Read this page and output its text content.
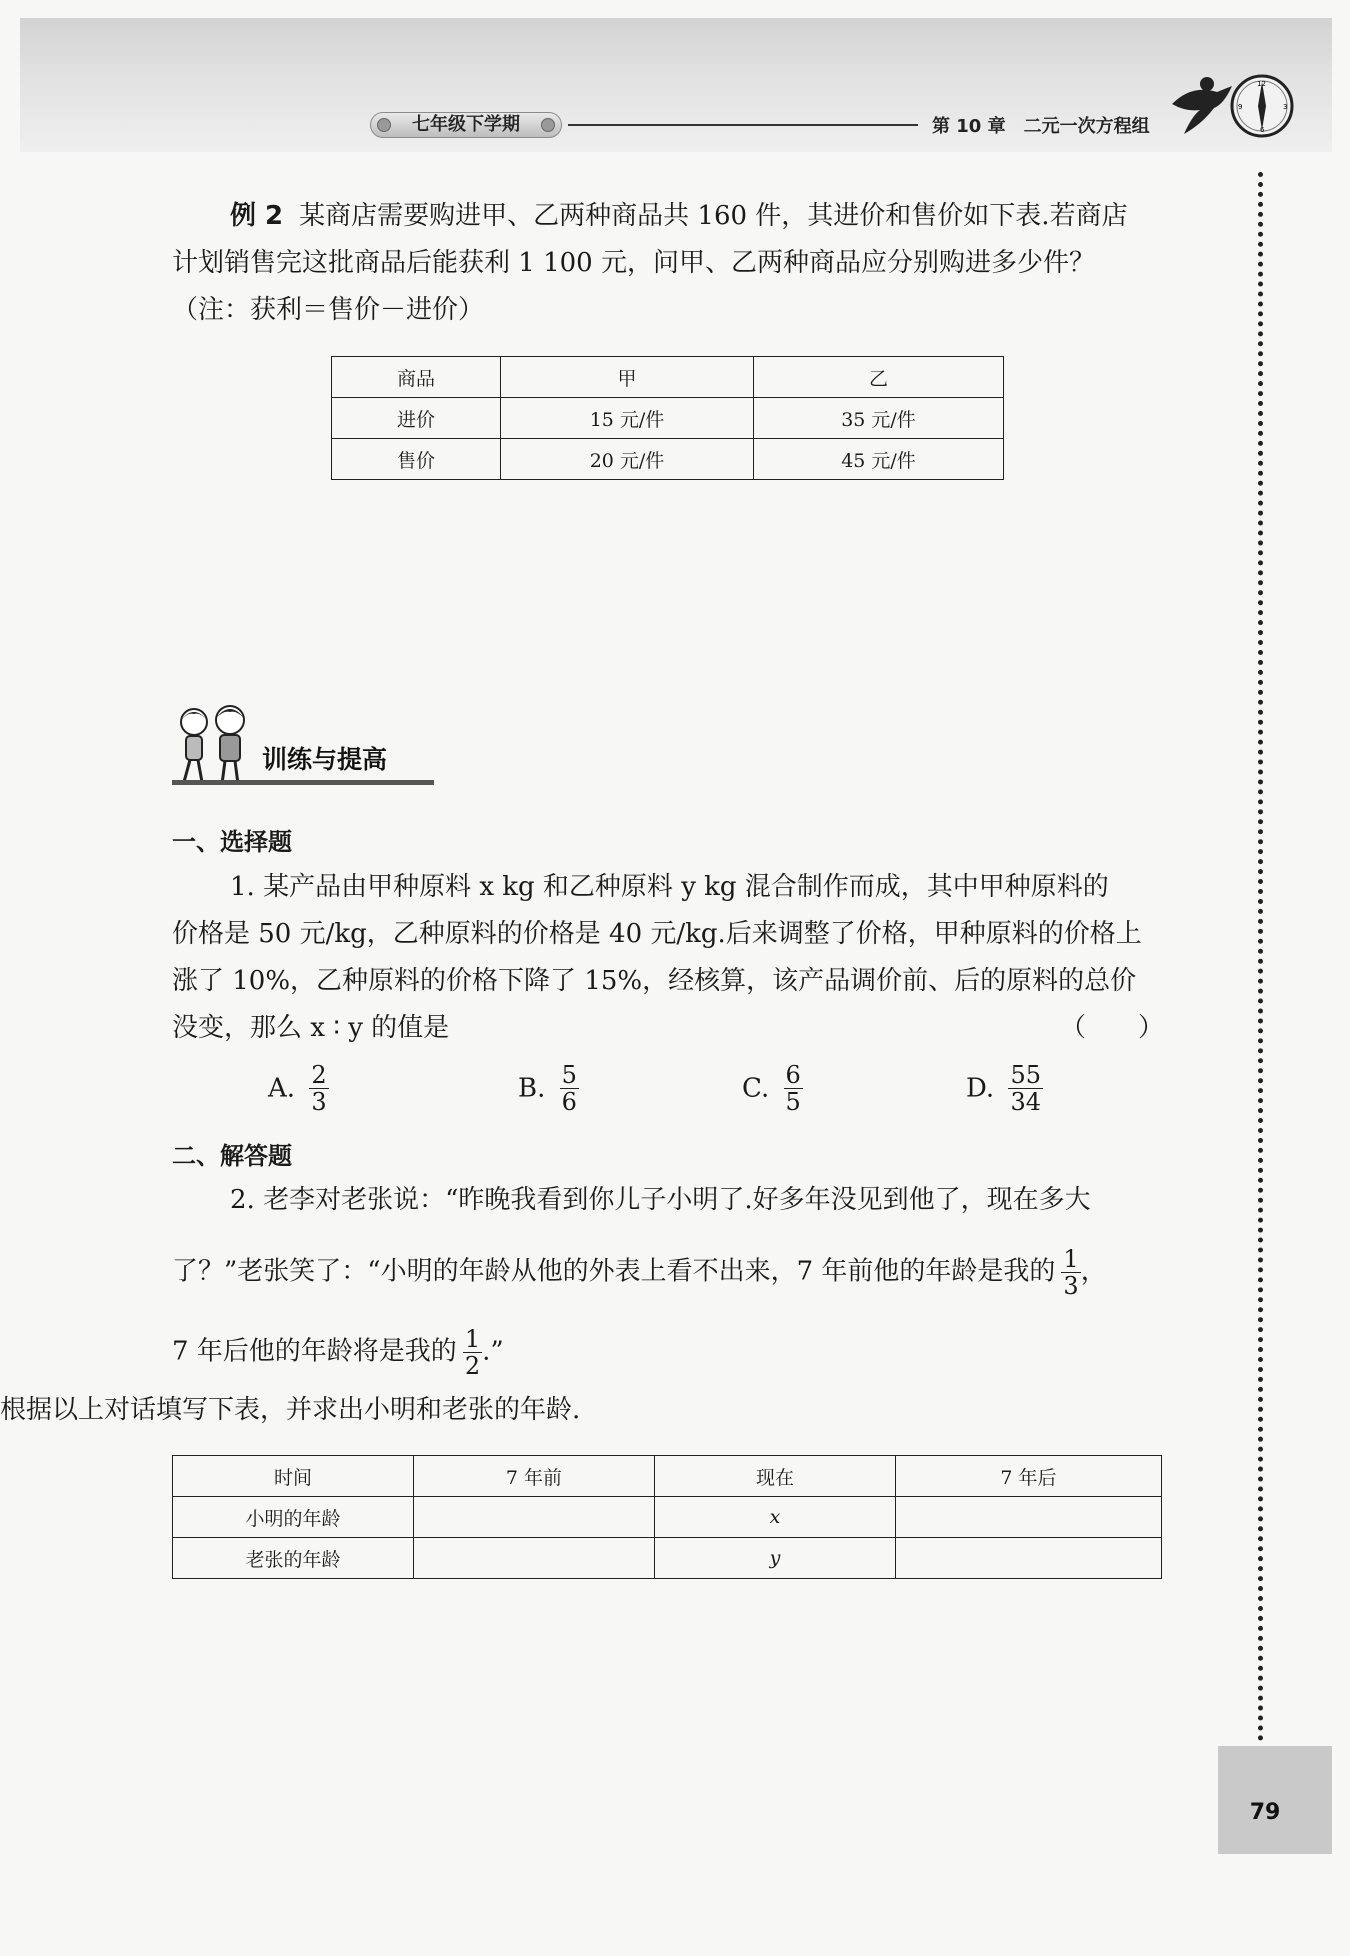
七年级下学期	第 10 章　二元一次方程组
12
3
6
9
例 2 某商店需要购进甲、乙两种商品共 160 件，其进价和售价如下表.若商店
计划销售完这批商品后能获利 1 100 元，问甲、乙两种商品应分别购进多少件？
（注：获利＝售价－进价）
商品	甲	乙
进价	15 元/件	35 元/件
售价	20 元/件	45 元/件
训练与提高
一、选择题
1. 某产品由甲种原料 x kg 和乙种原料 y kg 混合制作而成，其中甲种原料的
价格是 50 元/kg，乙种原料的价格是 40 元/kg.后来调整了价格，甲种原料的价格上
涨了 10%，乙种原料的价格下降了 15%，经核算，该产品调价前、后的原料的总价
没变，那么 x ∶ y 的值是	（　　）
A. $\frac{2}{3}$	B. $\frac{5}{6}$	C. $\frac{6}{5}$	D. $\frac{55}{34}$
二、解答题
2. 老李对老张说：“昨晚我看到你儿子小明了.好多年没见到他了，现在多大
了？”老张笑了：“小明的年龄从他的外表上看不出来，7 年前他的年龄是我的 $\frac{1}{3}$ ，
7 年后他的年龄将是我的 $\frac{1}{2}$ .”
根据以上对话填写下表，并求出小明和老张的年龄.
时间	7 年前	现在	7 年后
小明的年龄		x	
老张的年龄		y	
79
